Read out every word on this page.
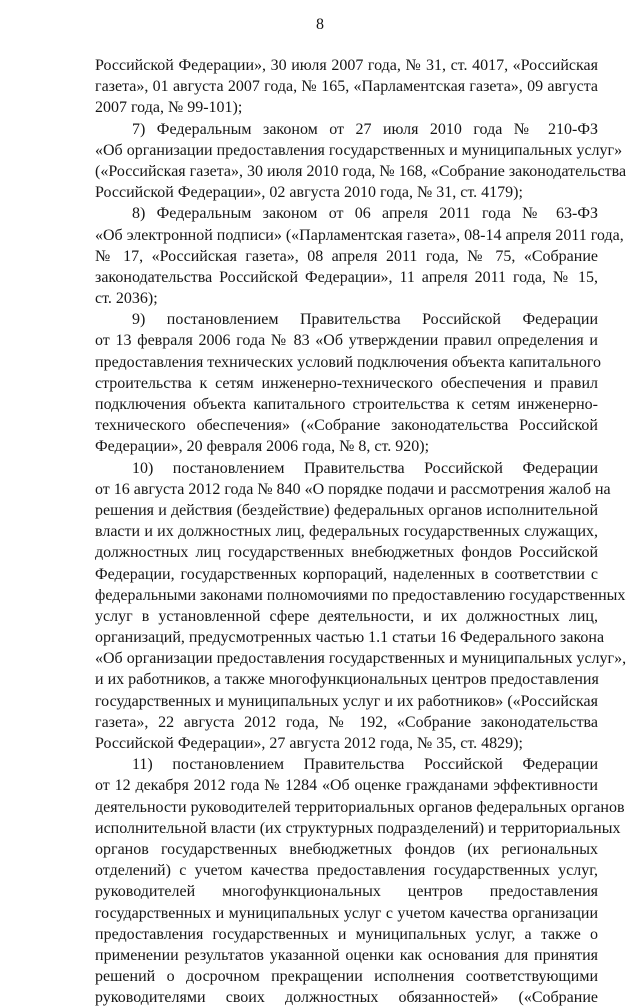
8
Российской Федерации», 30 июля 2007 года, № 31, ст. 4017, «Российская
газета», 01 августа 2007 года, № 165, «Парламентская газета», 09 августа
2007 года, № 99-101);
7) Федеральным законом от 27 июля 2010 года № 210-ФЗ
«Об организации предоставления государственных и муниципальных услуг»
(«Российская газета», 30 июля 2010 года, № 168, «Собрание законодательства
Российской Федерации», 02 августа 2010 года, № 31, ст. 4179);
8) Федеральным законом от 06 апреля 2011 года № 63-ФЗ
«Об электронной подписи» («Парламентская газета», 08-14 апреля 2011 года,
№ 17, «Российская газета», 08 апреля 2011 года, № 75, «Собрание
законодательства Российской Федерации», 11 апреля 2011 года, № 15,
ст. 2036);
9) постановлением Правительства Российской Федерации
от 13 февраля 2006 года № 83 «Об утверждении правил определения и
предоставления технических условий подключения объекта капитального
строительства к сетям инженерно-технического обеспечения и правил
подключения объекта капитального строительства к сетям инженерно-
технического обеспечения» («Собрание законодательства Российской
Федерации», 20 февраля 2006 года, № 8, ст. 920);
10) постановлением Правительства Российской Федерации
от 16 августа 2012 года № 840 «О порядке подачи и рассмотрения жалоб на
решения и действия (бездействие) федеральных органов исполнительной
власти и их должностных лиц, федеральных государственных служащих,
должностных лиц государственных внебюджетных фондов Российской
Федерации, государственных корпораций, наделенных в соответствии с
федеральными законами полномочиями по предоставлению государственных
услуг в установленной сфере деятельности, и их должностных лиц,
организаций, предусмотренных частью 1.1 статьи 16 Федерального закона
«Об организации предоставления государственных и муниципальных услуг»,
и их работников, а также многофункциональных центров предоставления
государственных и муниципальных услуг и их работников» («Российская
газета», 22 августа 2012 года, № 192, «Собрание законодательства
Российской Федерации», 27 августа 2012 года, № 35, ст. 4829);
11) постановлением Правительства Российской Федерации
от 12 декабря 2012 года № 1284 «Об оценке гражданами эффективности
деятельности руководителей территориальных органов федеральных органов
исполнительной власти (их структурных подразделений) и территориальных
органов государственных внебюджетных фондов (их региональных
отделений) с учетом качества предоставления государственных услуг,
руководителей многофункциональных центров предоставления
государственных и муниципальных услуг с учетом качества организации
предоставления государственных и муниципальных услуг, а также о
применении результатов указанной оценки как основания для принятия
решений о досрочном прекращении исполнения соответствующими
руководителями своих должностных обязанностей» («Собрание
